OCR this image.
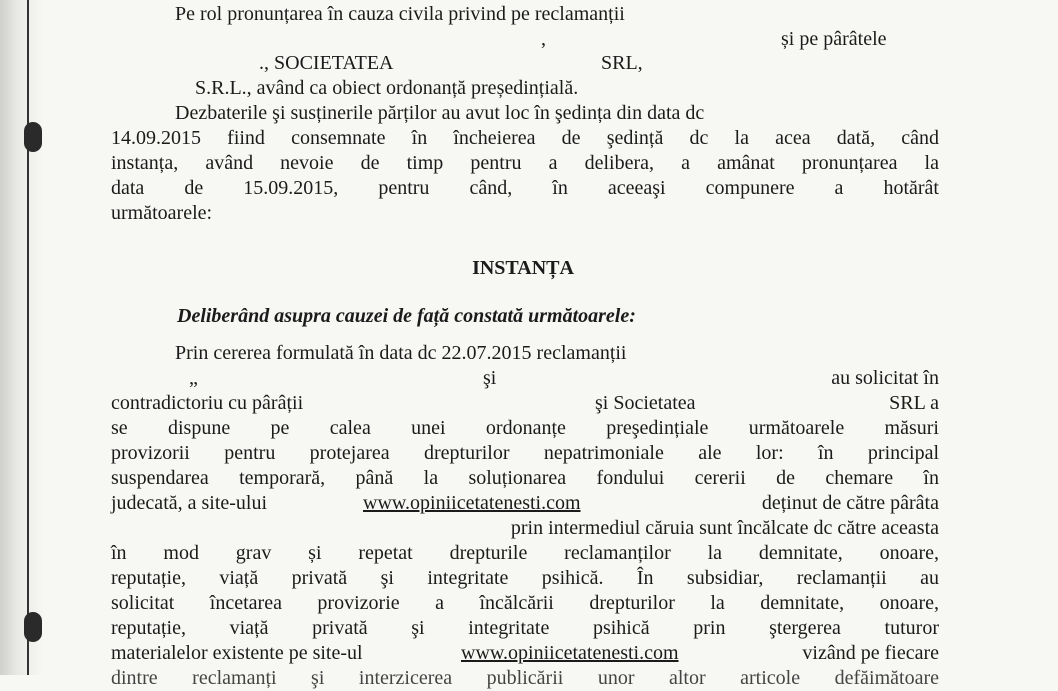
Pe rol pronunțarea în cauza civila privind pe reclamanții
,	și pe pârâtele
., SOCIETATEA	SRL,
S.R.L., având ca obiect ordonanță președințială.
Dezbaterile şi susținerile părților au avut loc în şedința din data dc
14.09.2015 fiind consemnate în încheierea de şedință dc la acea dată, când
instanța, având nevoie de timp pentru a delibera, a amânat pronunțarea la
data de 15.09.2015, pentru când, în aceeaşi compunere a hotărât
următoarele:
INSTANȚA
Deliberând asupra cauzei de față constată următoarele:
Prin cererea formulată în data dc 22.07.2015 reclamanții
„	şi	au solicitat în
contradictoriu cu pârâții	şi Societatea	SRL a
se dispune pe calea unei ordonanțe preşedințiale următoarele măsuri
provizorii pentru protejarea drepturilor nepatrimoniale ale lor: în principal
suspendarea temporară, până la soluționarea fondului cererii de chemare în
judecată, a site-ului	www.opiniicetatenesti.com	deținut de către pârâta
prin intermediul căruia sunt încălcate dc către aceasta
în mod grav și repetat drepturile reclamanților la demnitate, onoare,
reputație, viață privată şi integritate psihică. În subsidiar, reclamanții au
solicitat încetarea provizorie a încălcării drepturilor la demnitate, onoare,
reputație, viață privată şi integritate psihică prin ştergerea tuturor
materialelor existente pe site-ul	www.opiniicetatenesti.com	vizând pe fiecare
dintre reclamanți şi interzicerea publicării unor altor articole defăimătoare
